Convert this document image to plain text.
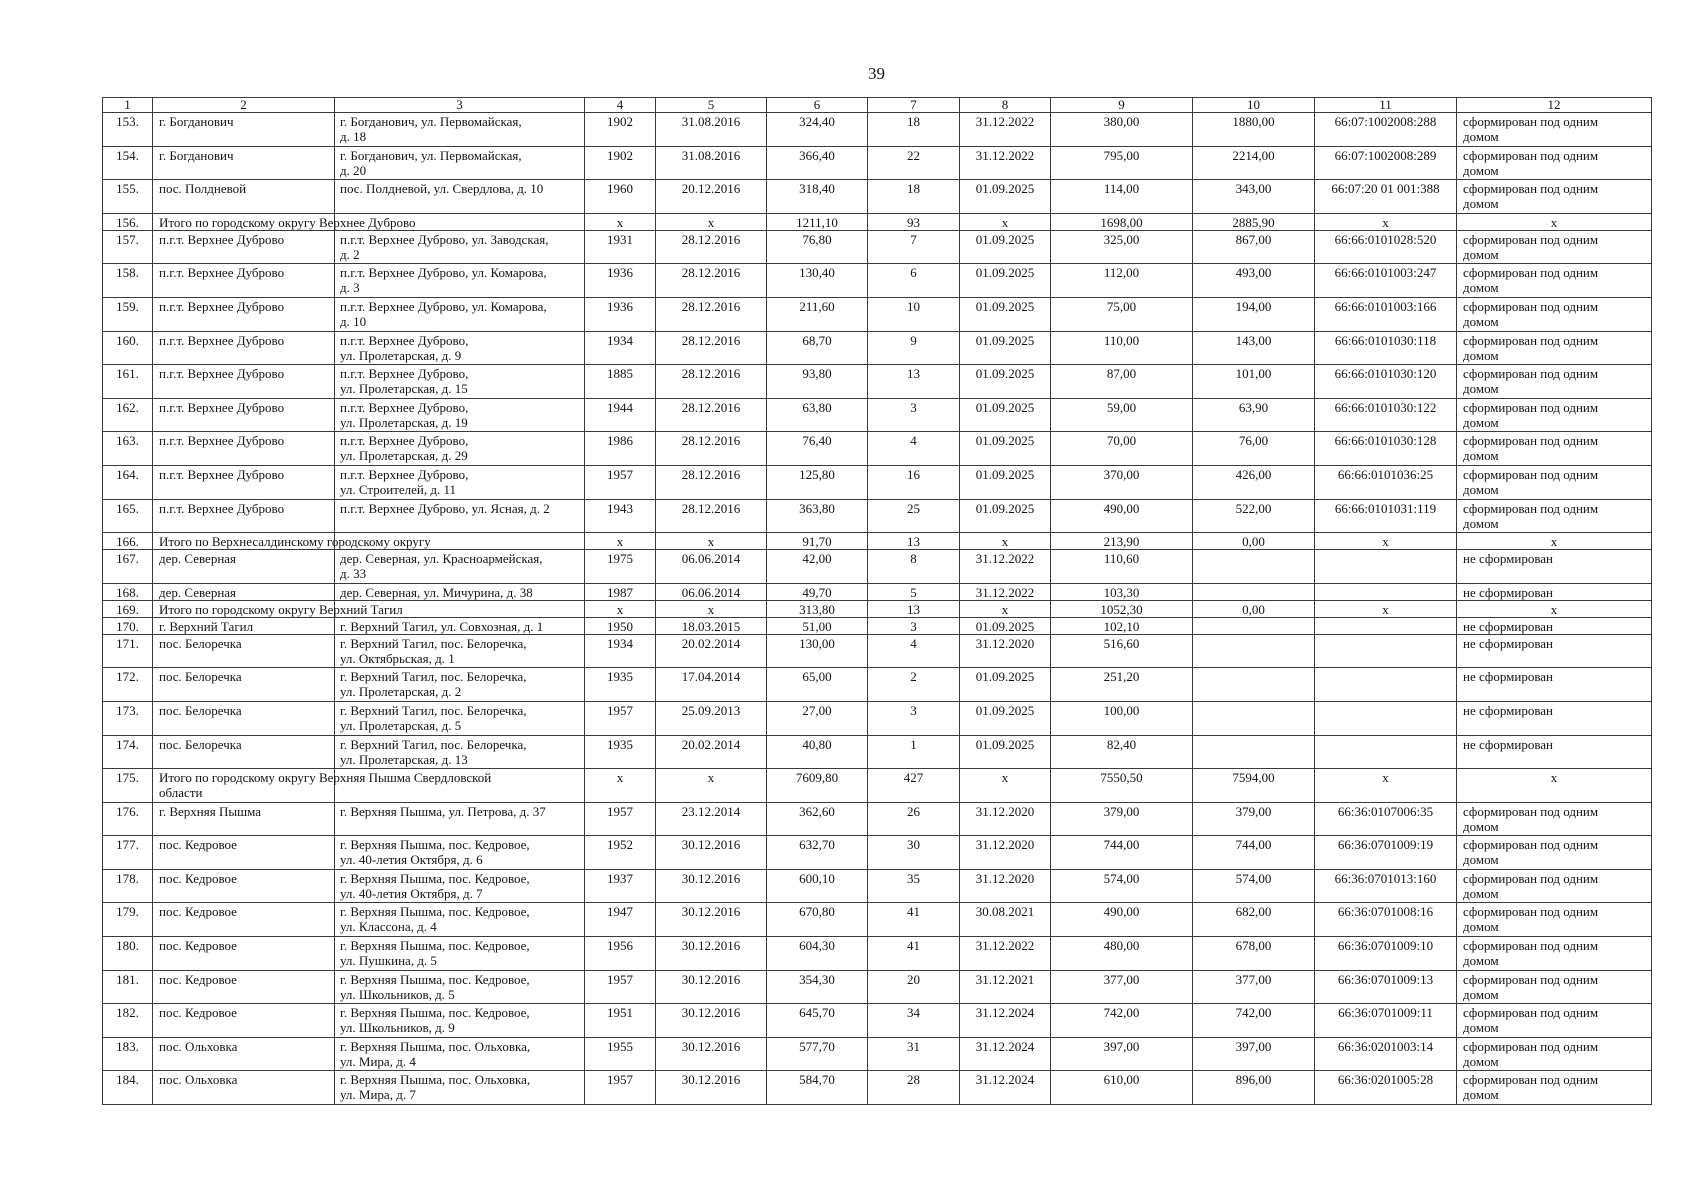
39
1	2	3	4	5	6	7	8	9	10	11	12
153.	г. Богданович	г. Богданович, ул. Первомайская,
д. 18	1902	31.08.2016	324,40	18	31.12.2022	380,00	1880,00	66:07:1002008:288	сформирован под одним домом

154.	г. Богданович	г. Богданович, ул. Первомайская,
д. 20	1902	31.08.2016	366,40	22	31.12.2022	795,00	2214,00	66:07:1002008:289	сформирован под одним домом

155.	пос. Полдневой	пос. Полдневой, ул. Свердлова, д. 10	1960	20.12.2016	318,40	18	01.09.2025	114,00	343,00	66:07:20 01 001:388	сформирован под одним домом

156.	Итого по городскому округу Верхнее Дуброво		x	x	1211,10	93	x	1698,00	2885,90	x	x
157.	п.г.т. Верхнее Дуброво	п.г.т. Верхнее Дуброво, ул. Заводская,
д. 2	1931	28.12.2016	76,80	7	01.09.2025	325,00	867,00	66:66:0101028:520	сформирован под одним домом

158.	п.г.т. Верхнее Дуброво	п.г.т. Верхнее Дуброво, ул. Комарова,
д. 3	1936	28.12.2016	130,40	6	01.09.2025	112,00	493,00	66:66:0101003:247	сформирован под одним домом

159.	п.г.т. Верхнее Дуброво	п.г.т. Верхнее Дуброво, ул. Комарова,
д. 10	1936	28.12.2016	211,60	10	01.09.2025	75,00	194,00	66:66:0101003:166	сформирован под одним домом

160.	п.г.т. Верхнее Дуброво	п.г.т. Верхнее Дуброво,
ул. Пролетарская, д. 9	1934	28.12.2016	68,70	9	01.09.2025	110,00	143,00	66:66:0101030:118	сформирован под одним домом

161.	п.г.т. Верхнее Дуброво	п.г.т. Верхнее Дуброво,
ул. Пролетарская, д. 15	1885	28.12.2016	93,80	13	01.09.2025	87,00	101,00	66:66:0101030:120	сформирован под одним домом

162.	п.г.т. Верхнее Дуброво	п.г.т. Верхнее Дуброво,
ул. Пролетарская, д. 19	1944	28.12.2016	63,80	3	01.09.2025	59,00	63,90	66:66:0101030:122	сформирован под одним домом

163.	п.г.т. Верхнее Дуброво	п.г.т. Верхнее Дуброво,
ул. Пролетарская, д. 29	1986	28.12.2016	76,40	4	01.09.2025	70,00	76,00	66:66:0101030:128	сформирован под одним домом

164.	п.г.т. Верхнее Дуброво	п.г.т. Верхнее Дуброво,
ул. Строителей, д. 11	1957	28.12.2016	125,80	16	01.09.2025	370,00	426,00	66:66:0101036:25	сформирован под одним домом

165.	п.г.т. Верхнее Дуброво	п.г.т. Верхнее Дуброво, ул. Ясная, д. 2	1943	28.12.2016	363,80	25	01.09.2025	490,00	522,00	66:66:0101031:119	сформирован под одним домом

166.	Итого по Верхнесалдинскому городскому округу		x	x	91,70	13	x	213,90	0,00	x	x
167.	дер. Северная	дер. Северная, ул. Красноармейская,
д. 33	1975	06.06.2014	42,00	8	31.12.2022	110,60			не сформирован

168.	дер. Северная	дер. Северная, ул. Мичурина, д. 38	1987	06.06.2014	49,70	5	31.12.2022	103,30			не сформирован

169.	Итого по городскому округу Верхний Тагил		x	x	313,80	13	x	1052,30	0,00	x	x
170.	г. Верхний Тагил	г. Верхний Тагил, ул. Совхозная, д. 1	1950	18.03.2015	51,00	3	01.09.2025	102,10			не сформирован

171.	пос. Белоречка	г. Верхний Тагил, пос. Белоречка,
ул. Октябрьская, д. 1	1934	20.02.2014	130,00	4	31.12.2020	516,60			не сформирован

172.	пос. Белоречка	г. Верхний Тагил, пос. Белоречка,
ул. Пролетарская, д. 2	1935	17.04.2014	65,00	2	01.09.2025	251,20			не сформирован

173.	пос. Белоречка	г. Верхний Тагил, пос. Белоречка,
ул. Пролетарская, д. 5	1957	25.09.2013	27,00	3	01.09.2025	100,00			не сформирован

174.	пос. Белоречка	г. Верхний Тагил, пос. Белоречка,
ул. Пролетарская, д. 13	1935	20.02.2014	40,80	1	01.09.2025	82,40			не сформирован

175.	Итого по городскому округу Верхняя Пышма Свердловской
области		x	x	7609,80	427	x	7550,50	7594,00	x	x
176.	г. Верхняя Пышма	г. Верхняя Пышма, ул. Петрова, д. 37	1957	23.12.2014	362,60	26	31.12.2020	379,00	379,00	66:36:0107006:35	сформирован под одним домом

177.	пос. Кедровое	г. Верхняя Пышма, пос. Кедровое,
ул. 40-летия Октября, д. 6	1952	30.12.2016	632,70	30	31.12.2020	744,00	744,00	66:36:0701009:19	сформирован под одним домом

178.	пос. Кедровое	г. Верхняя Пышма, пос. Кедровое,
ул. 40-летия Октября, д. 7	1937	30.12.2016	600,10	35	31.12.2020	574,00	574,00	66:36:0701013:160	сформирован под одним домом

179.	пос. Кедровое	г. Верхняя Пышма, пос. Кедровое,
ул. Классона, д. 4	1947	30.12.2016	670,80	41	30.08.2021	490,00	682,00	66:36:0701008:16	сформирован под одним домом

180.	пос. Кедровое	г. Верхняя Пышма, пос. Кедровое,
ул. Пушкина, д. 5	1956	30.12.2016	604,30	41	31.12.2022	480,00	678,00	66:36:0701009:10	сформирован под одним домом

181.	пос. Кедровое	г. Верхняя Пышма, пос. Кедровое,
ул. Школьников, д. 5	1957	30.12.2016	354,30	20	31.12.2021	377,00	377,00	66:36:0701009:13	сформирован под одним домом

182.	пос. Кедровое	г. Верхняя Пышма, пос. Кедровое,
ул. Школьников, д. 9	1951	30.12.2016	645,70	34	31.12.2024	742,00	742,00	66:36:0701009:11	сформирован под одним домом

183.	пос. Ольховка	г. Верхняя Пышма, пос. Ольховка,
ул. Мира, д. 4	1955	30.12.2016	577,70	31	31.12.2024	397,00	397,00	66:36:0201003:14	сформирован под одним домом

184.	пос. Ольховка	г. Верхняя Пышма, пос. Ольховка,
ул. Мира, д. 7	1957	30.12.2016	584,70	28	31.12.2024	610,00	896,00	66:36:0201005:28	сформирован под одним домом
